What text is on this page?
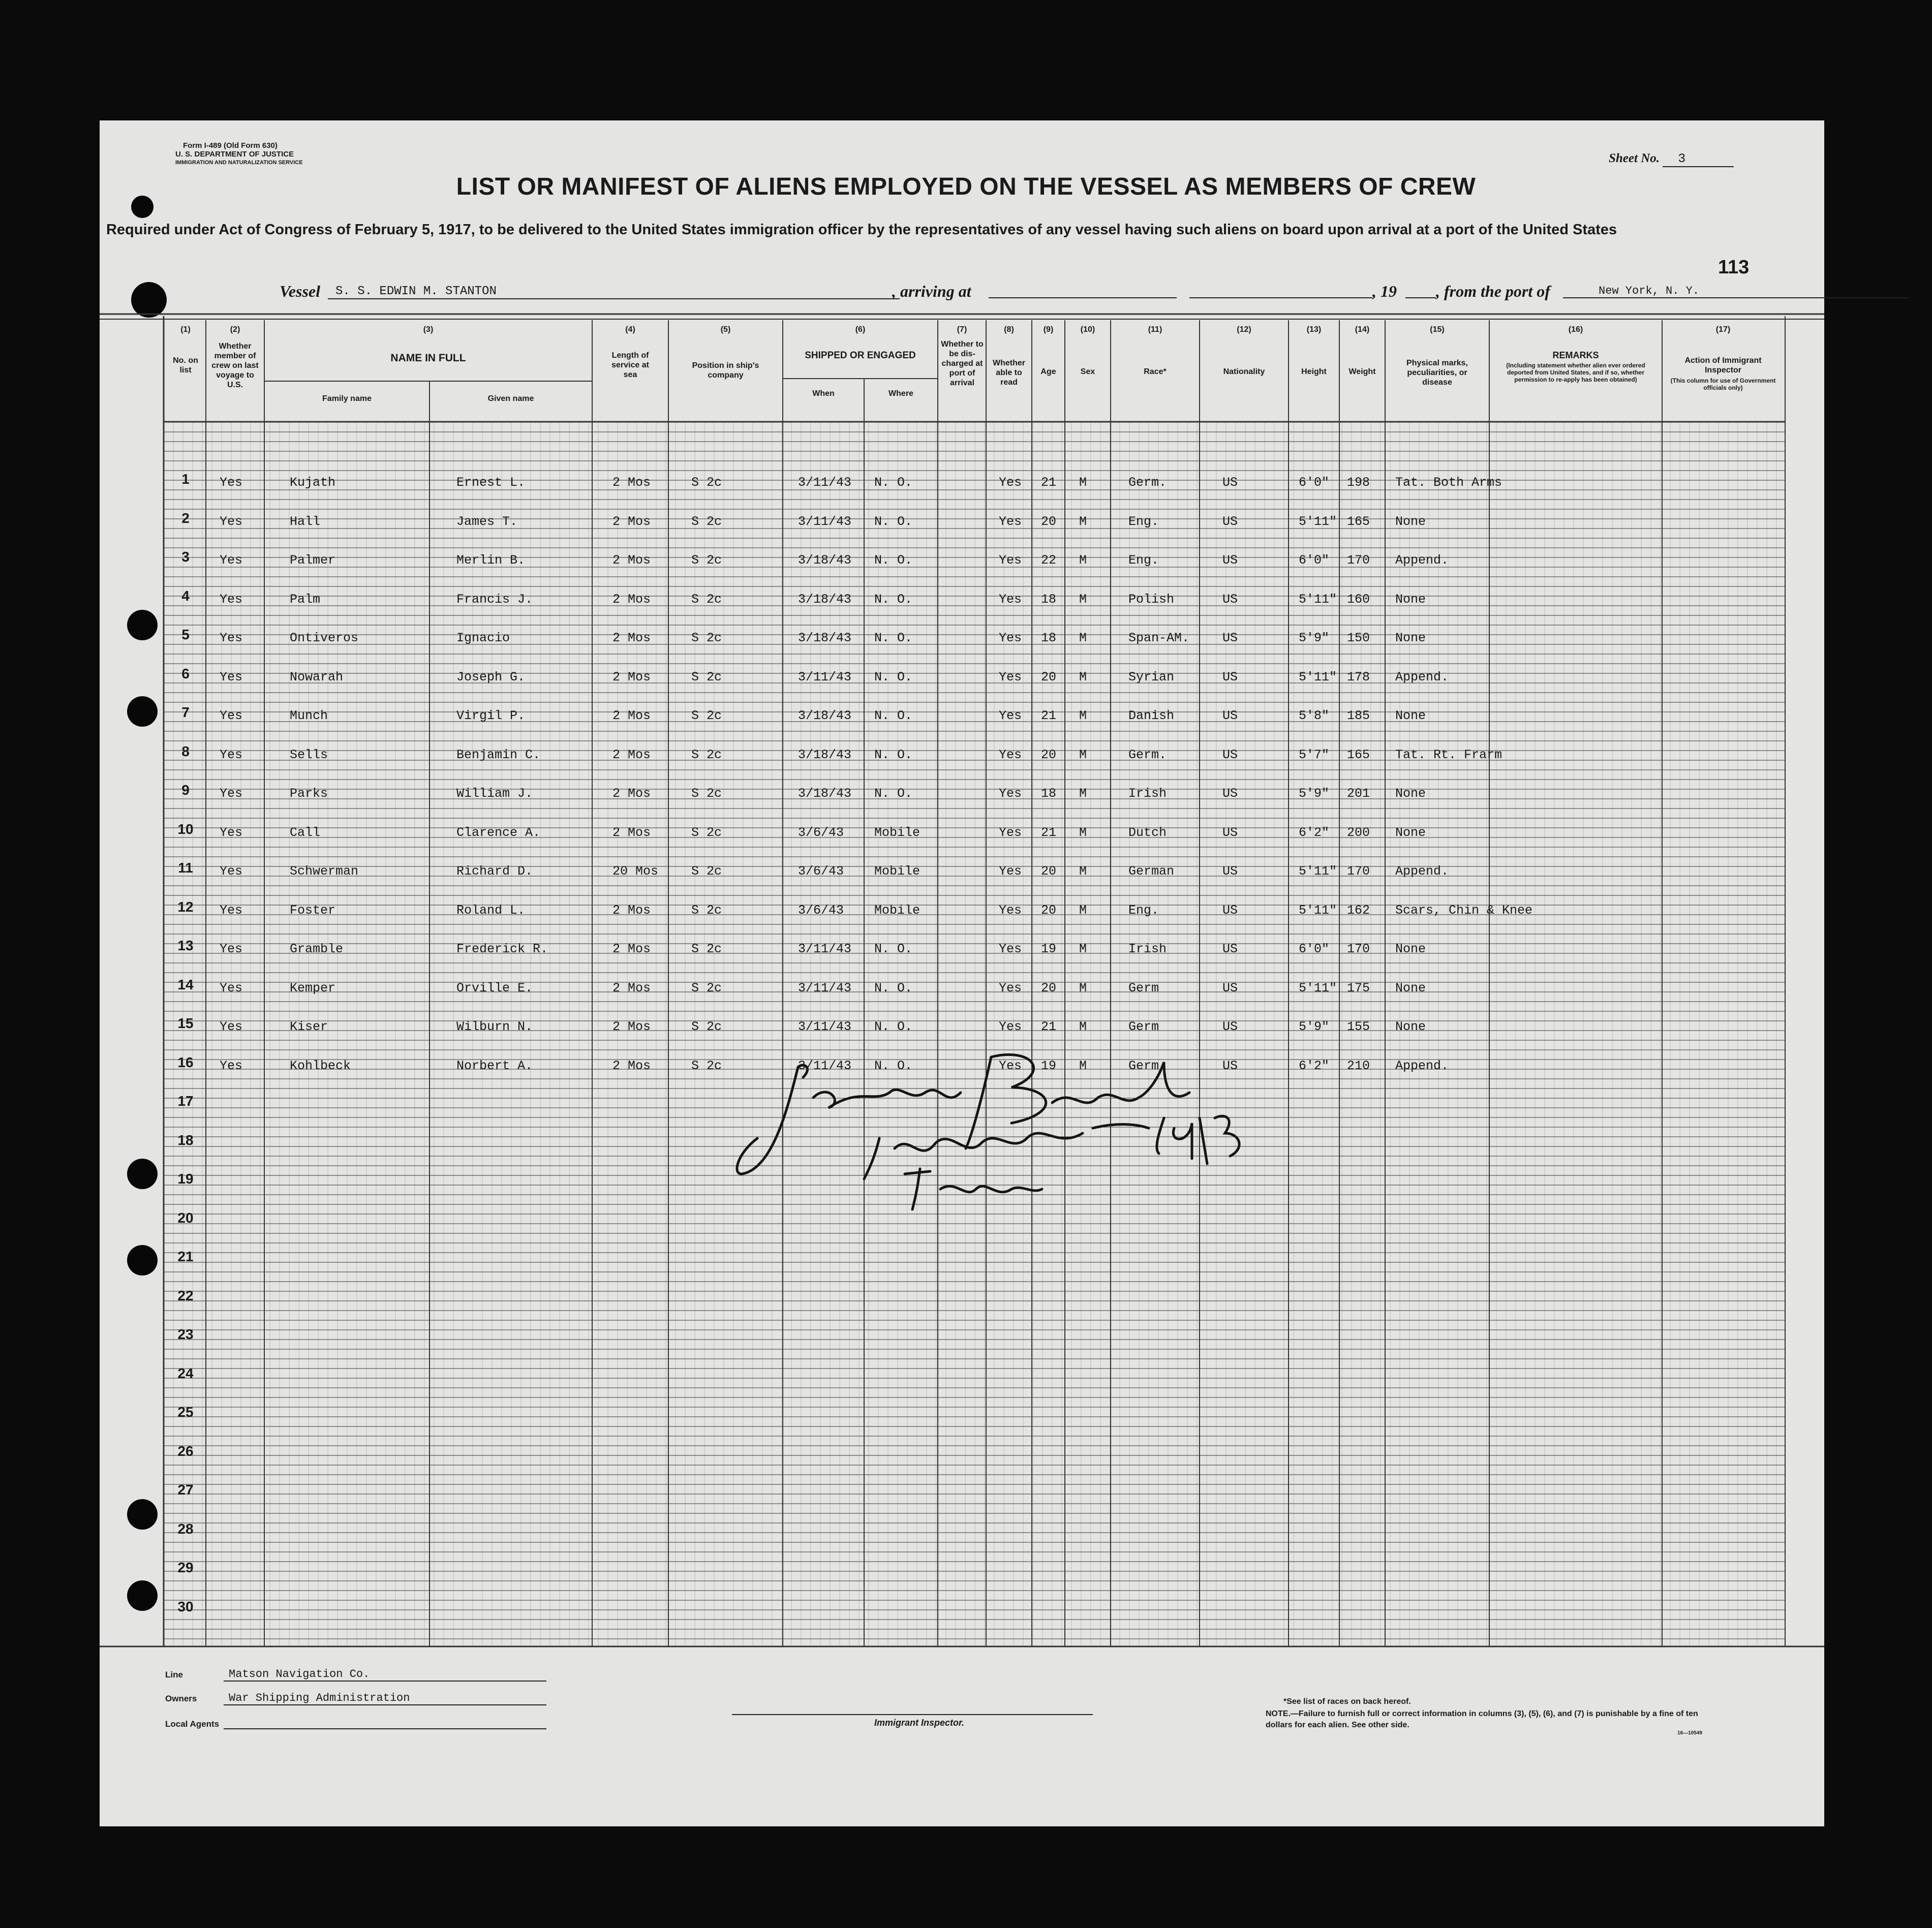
Form I-489 (Old Form 630)
U. S. DEPARTMENT OF JUSTICE
IMMIGRATION AND NATURALIZATION SERVICE	Sheet No. 3
LIST OR MANIFEST OF ALIENS EMPLOYED ON THE VESSEL AS MEMBERS OF CREW
Required under Act of Congress of February 5, 1917, to be delivered to the United States immigration officer by the representatives of any vessel having such aliens on board upon arrival at a port of the United States
113
Vessel	S. S. EDWIN M. STANTON	, arriving at	, 19 , from the port of	New York, N. Y.
(1)
No. on list
(2)
Whether member of crew on last voyage to U.S.
(3)
NAME IN FULL
Family name	Given name
(4)
Length of service at sea
(5)
Position in ship's company
(6)
SHIPPED OR ENGAGED
When	Where
(7)
Whether to be dis-charged at port of arrival
(8)
Whether able to read
(9)
Age
(10)
Sex
(11)
Race*
(12)
Nationality
(13)
Height
(14)
Weight
(15)
Physical marks, peculiarities, or disease
(16)
REMARKS
(Including statement whether alien ever ordered deported from United States, and if so, whether permission to re-apply has been obtained)
(17)
Action of Immigrant Inspector
(This column for use of Government officials only)
1	Yes	Kujath	Ernest L.	2 Mos	S 2c	3/11/43 N. O.	Yes 21 M	Germ.	US	6'0" 198 Tat. Both Arms
2	Yes	Hall	James T.	2 Mos	S 2c	3/11/43 N. O.	Yes 20 M	Eng.	US	5'11" 165 None
3	Yes	Palmer	Merlin B.	2 Mos	S 2c	3/18/43 N. O.	Yes 22 M	Eng.	US	6'0" 170 Append.
4	Yes	Palm	Francis J.	2 Mos	S 2c	3/18/43 N. O.	Yes 18 M	Polish	US	5'11" 160 None
5	Yes	Ontiveros	Ignacio	2 Mos	S 2c	3/18/43 N. O.	Yes 18 M	Span-AM.	US	5'9" 150 None
6	Yes	Nowarah	Joseph G.	2 Mos	S 2c	3/11/43 N. O.	Yes 20 M	Syrian	US	5'11" 178 Append.
7	Yes	Munch	Virgil P.	2 Mos	S 2c	3/18/43 N. O.	Yes 21 M	Danish	US	5'8" 185 None
8	Yes	Sells	Benjamin C.	2 Mos	S 2c	3/18/43 N. O.	Yes 20 M	Germ.	US	5'7" 165 Tat. Rt. Frarm
9	Yes	Parks	William J.	2 Mos	S 2c	3/18/43 N. O.	Yes 18 M	Irish	US	5'9" 201 None
10	Yes	Call	Clarence A.	2 Mos	S 2c	3/6/43 Mobile	Yes 21 M	Dutch	US	6'2" 200 None
11	Yes	Schwerman	Richard D.	20 Mos	S 2c	3/6/43 Mobile	Yes 20 M	German	US	5'11" 170 Append.
12	Yes	Foster	Roland L.	2 Mos	S 2c	3/6/43 Mobile	Yes 20 M	Eng.	US	5'11" 162 Scars, Chin & Knee
13	Yes	Gramble	Frederick R.	2 Mos	S 2c	3/11/43 N. O.	Yes 19 M	Irish	US	6'0" 170 None
14	Yes	Kemper	Orville E.	2 Mos	S 2c	3/11/43 N. O.	Yes 20 M	Germ	US	5'11" 175 None
15	Yes	Kiser	Wilburn N.	2 Mos	S 2c	3/11/43 N. O.	Yes 21 M	Germ	US	5'9" 155 None
16	Yes	Kohlbeck	Norbert A.	2 Mos	S 2c	3/11/43 N. O.	Yes 19 M	Germ	US	6'2" 210 Append.
17
18
19
20
21
22
23
24
25
26
27
28
29
30
Line	Matson Navigation Co.
Owners	War Shipping Administration
Local Agents	Immigrant Inspector.
*See list of races on back hereof.
NOTE.—Failure to furnish full or correct information in columns (3), (5), (6), and (7) is punishable by a fine of ten dollars for each alien. See other side.
16—10549
